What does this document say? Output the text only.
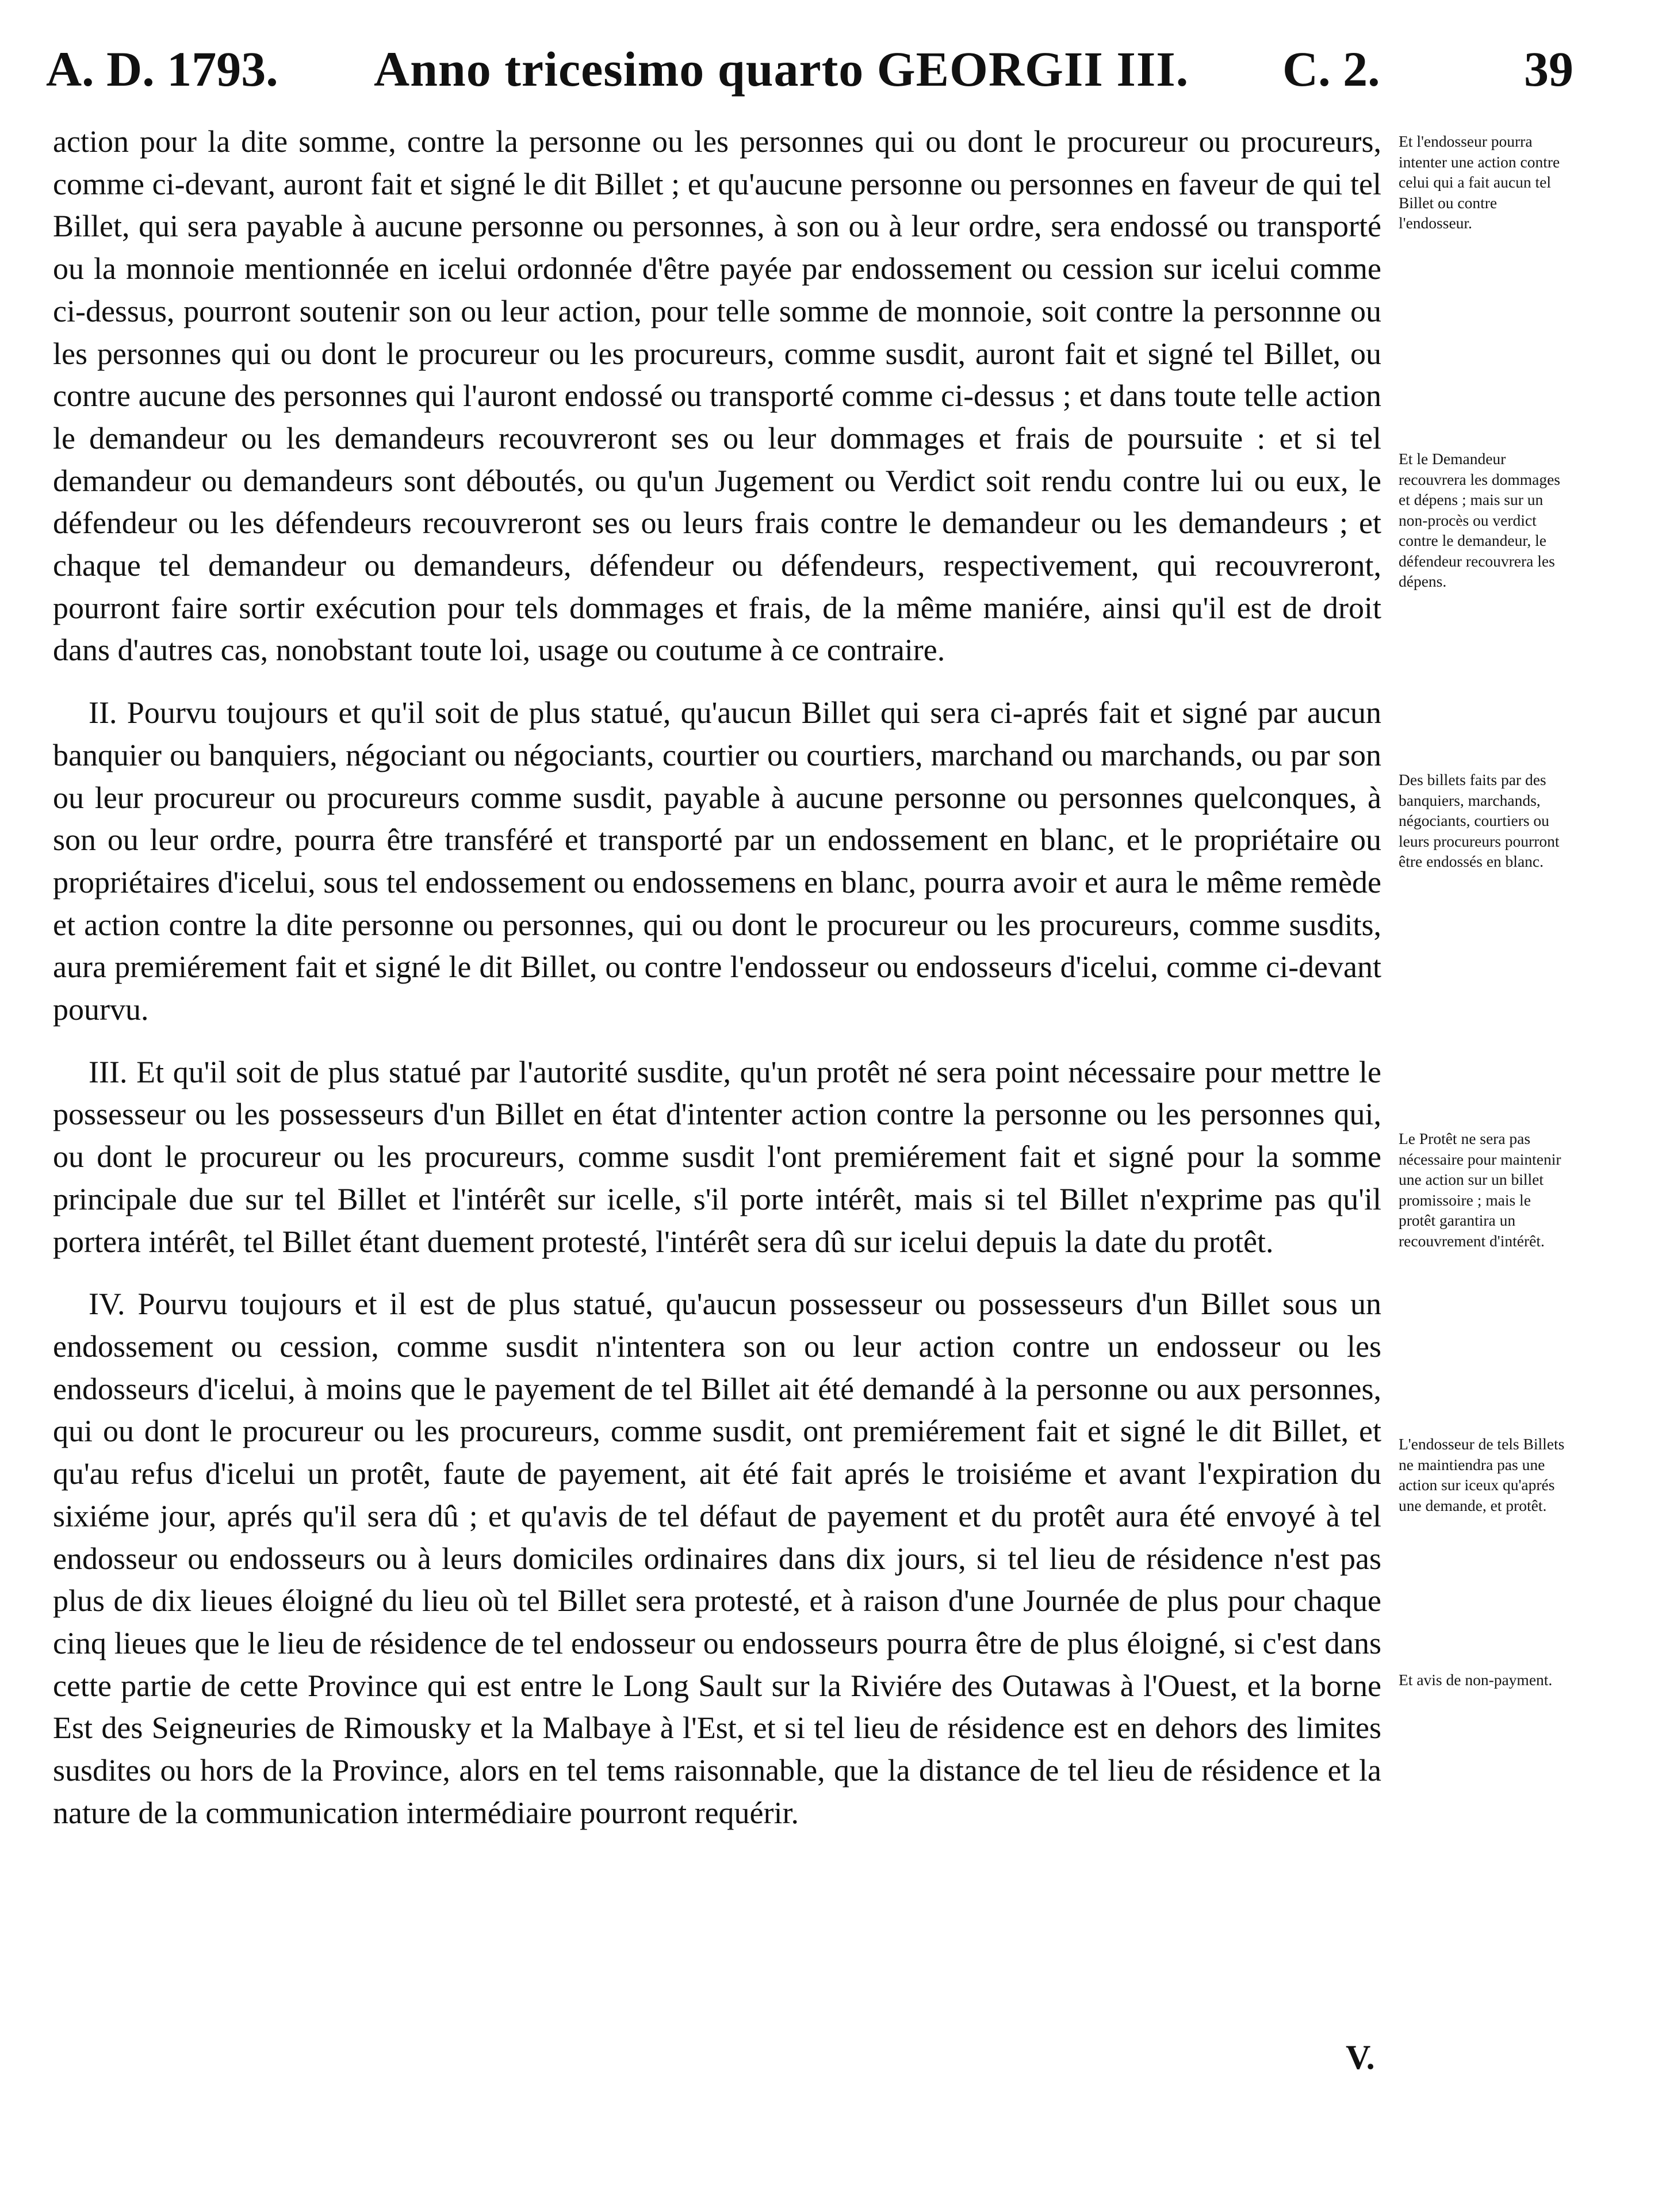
A. D. 1793. Anno tricesimo quarto GEORGII III. C. 2.	39

action pour la dite somme, contre la personne ou les personnes qui ou dont le procureur ou procureurs, comme ci-devant, auront fait et signé le dit Billet ; et qu'aucune personne ou personnes en faveur de qui tel Billet, qui sera payable à aucune personne ou personnes, à son ou à leur ordre, sera endossé ou transporté ou la monnoie mentionnée en icelui ordonnée d'être payée par endossement ou cession sur icelui comme ci-dessus, pourront soutenir son ou leur action, pour telle somme de monnoie, soit contre la personnne ou les personnes qui ou dont le procureur ou les procureurs, comme susdit, auront fait et signé tel Billet, ou contre aucune des personnes qui l'auront endossé ou transporté comme ci-dessus ; et dans toute telle action le demandeur ou les demandeurs recouvreront ses ou leur dommages et frais de poursuite : et si tel demandeur ou demandeurs sont déboutés, ou qu'un Jugement ou Verdict soit rendu contre lui ou eux, le défendeur ou les défendeurs recouvreront ses ou leurs frais contre le demandeur ou les demandeurs ; et chaque tel demandeur ou demandeurs, défendeur ou défendeurs, respectivement, qui recouvreront, pourront faire sortir exécution pour tels dommages et frais, de la même maniére, ainsi qu'il est de droit dans d'autres cas, nonobstant toute loi, usage ou coutume à ce contraire.

II. Pourvu toujours et qu'il soit de plus statué, qu'aucun Billet qui sera ci-aprés fait et signé par aucun banquier ou banquiers, négociant ou négociants, courtier ou courtiers, marchand ou marchands, ou par son ou leur procureur ou procureurs comme susdit, payable à aucune personne ou personnes quelconques, à son ou leur ordre, pourra être transféré et transporté par un endossement en blanc, et le propriétaire ou propriétaires d'icelui, sous tel endossement ou endossemens en blanc, pourra avoir et aura le même remède et action contre la dite personne ou personnes, qui ou dont le procureur ou les procureurs, comme susdits, aura premiérement fait et signé le dit Billet, ou contre l'endosseur ou endosseurs d'icelui, comme ci-devant pourvu.

III. Et qu'il soit de plus statué par l'autorité susdite, qu'un protêt né sera point nécessaire pour mettre le possesseur ou les possesseurs d'un Billet en état d'intenter action contre la personne ou les personnes qui, ou dont le procureur ou les procureurs, comme susdit l'ont premiérement fait et signé pour la somme principale due sur tel Billet et l'intérêt sur icelle, s'il porte intérêt, mais si tel Billet n'exprime pas qu'il portera intérêt, tel Billet étant duement protesté, l'intérêt sera dû sur icelui depuis la date du protêt.

IV. Pourvu toujours et il est de plus statué, qu'aucun possesseur ou possesseurs d'un Billet sous un endossement ou cession, comme susdit n'intentera son ou leur action contre un endosseur ou les endosseurs d'icelui, à moins que le payement de tel Billet ait été demandé à la personne ou aux personnes, qui ou dont le procureur ou les procureurs, comme susdit, ont premiérement fait et signé le dit Billet, et qu'au refus d'icelui un protêt, faute de payement, ait été fait aprés le troisiéme et avant l'expiration du sixiéme jour, aprés qu'il sera dû ; et qu'avis de tel défaut de payement et du protêt aura été envoyé à tel endosseur ou endosseurs ou à leurs domiciles ordinaires dans dix jours, si tel lieu de résidence n'est pas plus de dix lieues éloigné du lieu où tel Billet sera protesté, et à raison d'une Journée de plus pour chaque cinq lieues que le lieu de résidence de tel endosseur ou endosseurs pourra être de plus éloigné, si c'est dans cette partie de cette Province qui est entre le Long Sault sur la Riviére des Outawas à l'Ouest, et la borne Est des Seigneuries de Rimousky et la Malbaye à l'Est, et si tel lieu de résidence est en dehors des limites susdites ou hors de la Province, alors en tel tems raisonnable, que la distance de tel lieu de résidence et la nature de la communication intermédiaire pourront requérir.

Et l'endosseur pourra intenter une action contre celui qui a fait aucun tel Billet ou contre l'endosseur.
Et le Demandeur recouvrera les dommages et dépens ; mais sur un non-procès ou verdict contre le demandeur, le défendeur recouvrera les dépens.
Des billets faits par des banquiers, marchands, négociants, courtiers ou leurs procureurs pourront être endossés en blanc.
Le Protêt ne sera pas nécessaire pour maintenir une action sur un billet promissoire ; mais le protêt garantira un recouvrement d'intérêt.
L'endosseur de tels Billets ne maintiendra pas une action sur iceux qu'aprés une demande, et protêt.
Et avis de non-payment.
V.
